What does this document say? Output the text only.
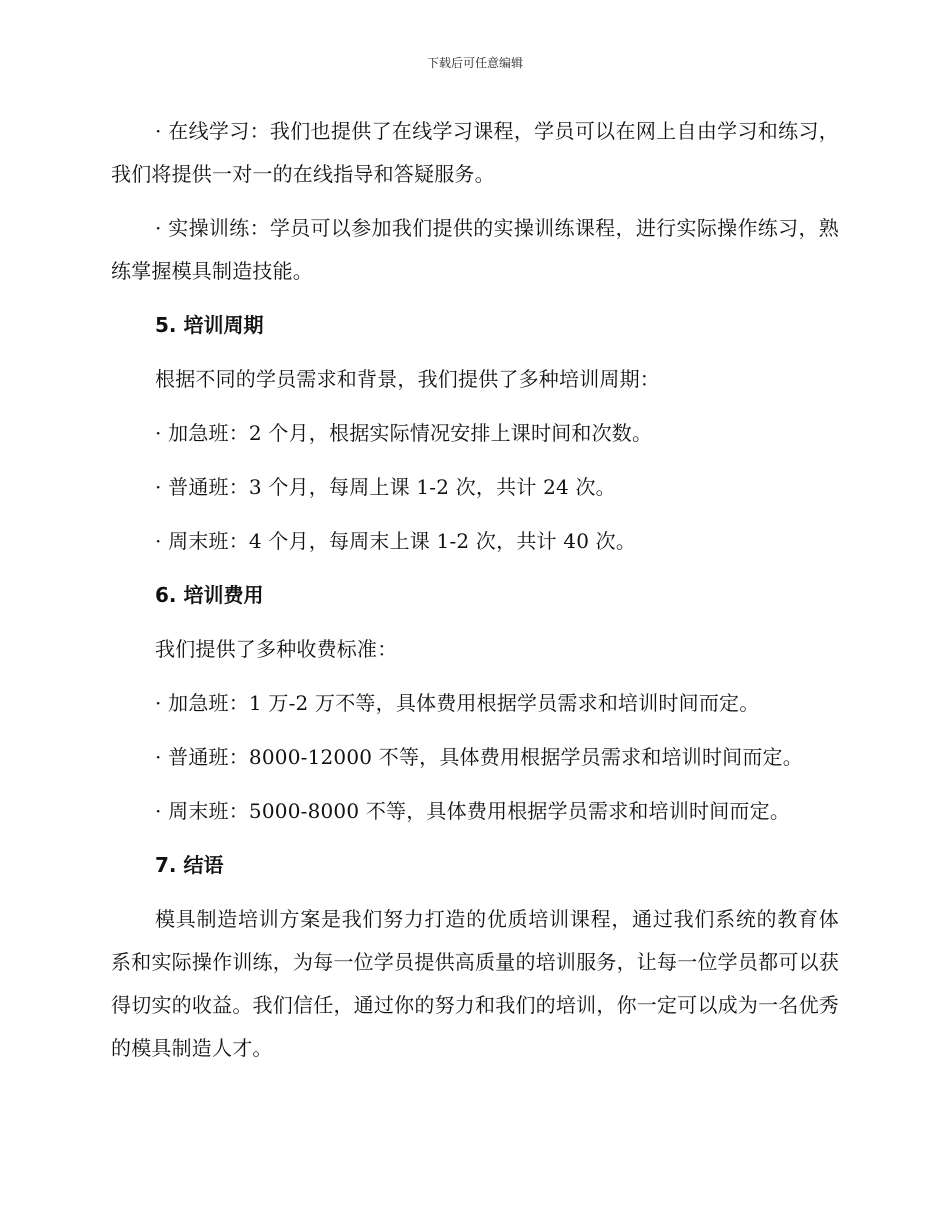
下载后可任意编辑

· 在线学习：我们也提供了在线学习课程，学员可以在网上自由学习和练习，我们将提供一对一的在线指导和答疑服务。

· 实操训练：学员可以参加我们提供的实操训练课程，进行实际操作练习，熟练掌握模具制造技能。

5. 培训周期

根据不同的学员需求和背景，我们提供了多种培训周期：

· 加急班：2 个月，根据实际情况安排上课时间和次数。

· 普通班：3 个月，每周上课 1-2 次，共计 24 次。

· 周末班：4 个月，每周末上课 1-2 次，共计 40 次。

6. 培训费用

我们提供了多种收费标准：

· 加急班：1 万-2 万不等，具体费用根据学员需求和培训时间而定。

· 普通班：8000-12000 不等，具体费用根据学员需求和培训时间而定。

· 周末班：5000-8000 不等，具体费用根据学员需求和培训时间而定。

7. 结语

模具制造培训方案是我们努力打造的优质培训课程，通过我们系统的教育体系和实际操作训练，为每一位学员提供高质量的培训服务，让每一位学员都可以获得切实的收益。我们信任，通过你的努力和我们的培训，你一定可以成为一名优秀的模具制造人才。
